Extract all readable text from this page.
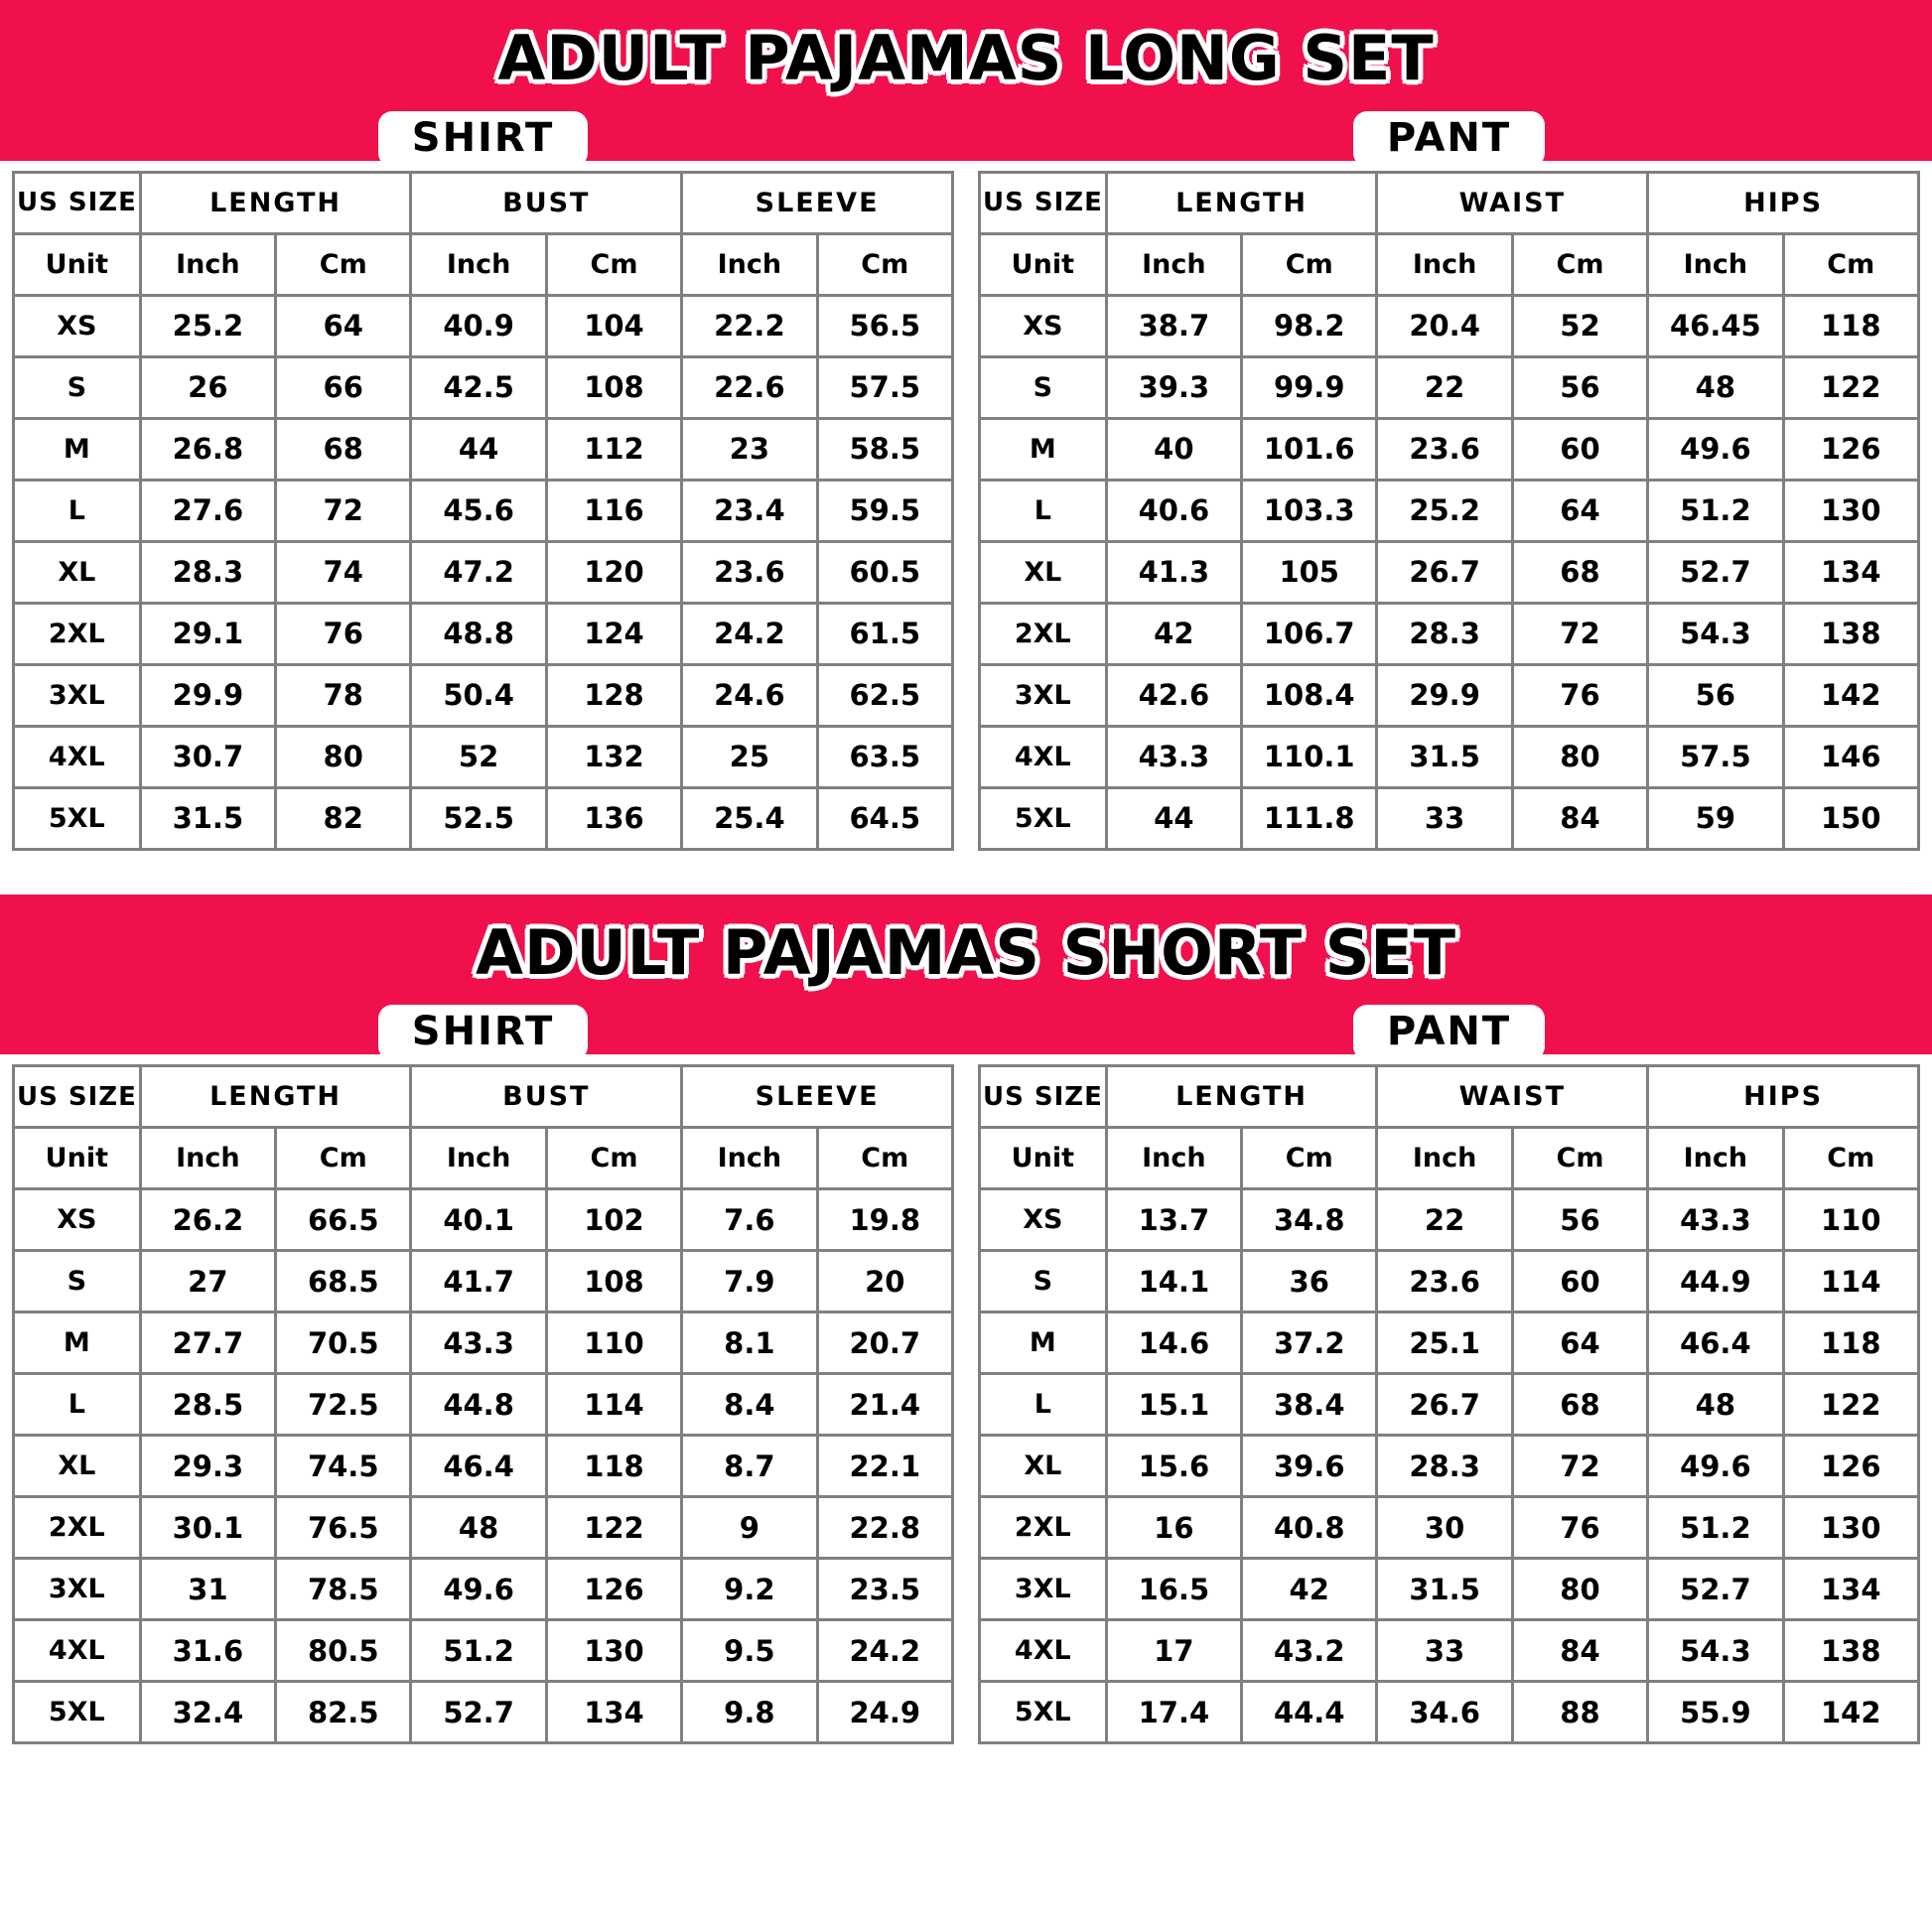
ADULT PAJAMAS LONG SET
SHIRT	PANT
US SIZE	LENGTH		BUST		SLEEVE	
Unit	Inch	Cm	Inch	Cm	Inch	Cm
XS	25.2	64	40.9	104	22.2	56.5
S	26	66	42.5	108	22.6	57.5
M	26.8	68	44	112	23	58.5
L	27.6	72	45.6	116	23.4	59.5
XL	28.3	74	47.2	120	23.6	60.5
2XL	29.1	76	48.8	124	24.2	61.5
3XL	29.9	78	50.4	128	24.6	62.5
4XL	30.7	80	52	132	25	63.5
5XL	31.5	82	52.5	136	25.4	64.5
US SIZE	LENGTH		WAIST		HIPS	
Unit	Inch	Cm	Inch	Cm	Inch	Cm
XS	38.7	98.2	20.4	52	46.45	118
S	39.3	99.9	22	56	48	122
M	40	101.6	23.6	60	49.6	126
L	40.6	103.3	25.2	64	51.2	130
XL	41.3	105	26.7	68	52.7	134
2XL	42	106.7	28.3	72	54.3	138
3XL	42.6	108.4	29.9	76	56	142
4XL	43.3	110.1	31.5	80	57.5	146
5XL	44	111.8	33	84	59	150
ADULT PAJAMAS SHORT SET
SHIRT	PANT
US SIZE	LENGTH		BUST		SLEEVE	
Unit	Inch	Cm	Inch	Cm	Inch	Cm
XS	26.2	66.5	40.1	102	7.6	19.8
S	27	68.5	41.7	108	7.9	20
M	27.7	70.5	43.3	110	8.1	20.7
L	28.5	72.5	44.8	114	8.4	21.4
XL	29.3	74.5	46.4	118	8.7	22.1
2XL	30.1	76.5	48	122	9	22.8
3XL	31	78.5	49.6	126	9.2	23.5
4XL	31.6	80.5	51.2	130	9.5	24.2
5XL	32.4	82.5	52.7	134	9.8	24.9
US SIZE	LENGTH		WAIST		HIPS	
Unit	Inch	Cm	Inch	Cm	Inch	Cm
XS	13.7	34.8	22	56	43.3	110
S	14.1	36	23.6	60	44.9	114
M	14.6	37.2	25.1	64	46.4	118
L	15.1	38.4	26.7	68	48	122
XL	15.6	39.6	28.3	72	49.6	126
2XL	16	40.8	30	76	51.2	130
3XL	16.5	42	31.5	80	52.7	134
4XL	17	43.2	33	84	54.3	138
5XL	17.4	44.4	34.6	88	55.9	142
